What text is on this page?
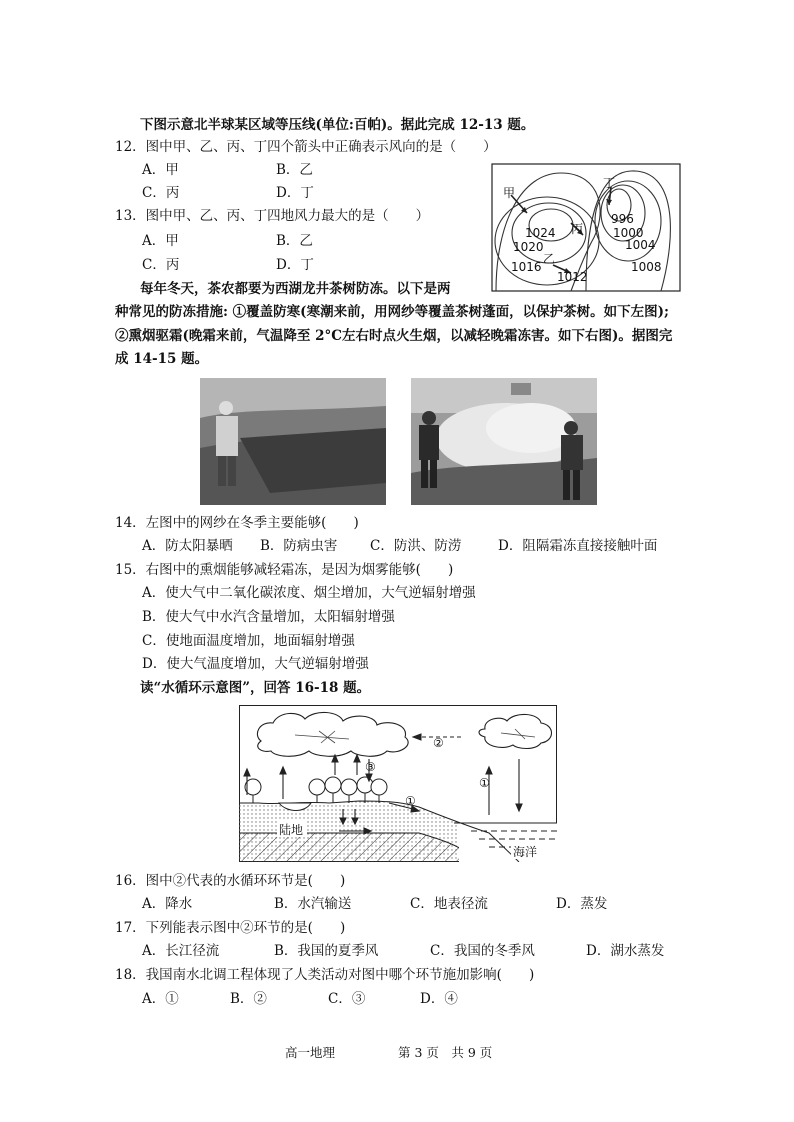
下图示意北半球某区域等压线(单位:百帕)。据此完成 12-13 题。
12．图中甲、乙、丙、丁四个箭头中正确表示风向的是（　　）
A．甲	B．乙
C．丙	D．丁
13．图中甲、乙、丙、丁四地风力最大的是（　　）
A．甲	B．乙
C．丙	D．丁
甲
乙
丙
丁
1024
1020
1016
1012
996
1000
1004
1008
每年冬天，茶农都要为西湖龙井茶树防冻。以下是两
种常见的防冻措施: ①覆盖防寒(寒潮来前，用网纱等覆盖茶树蓬面，以保护茶树。如下左图);
②熏烟驱霜(晚霜来前，气温降至 2°C左右时点火生烟，以减轻晚霜冻害。如下右图)。据图完
成 14-15 题。
14．左图中的网纱在冬季主要能够(　　)
A．防太阳暴晒 B．防病虫害 C．防洪、防涝	D．阻隔霜冻直接接触叶面
15．右图中的熏烟能够减轻霜冻，是因为烟雾能够(　　)
A．使大气中二氧化碳浓度、烟尘增加，大气逆辐射增强
B．使大气中水汽含量增加，太阳辐射增强
C．使地面温度增加，地面辐射增强
D．使大气温度增加，大气逆辐射增强
读“水循环示意图”，回答 16-18 题。
①
②
③
①
陆地
海洋
16．图中②代表的水循环环节是(　　)
A．降水	B．水汽输送	C．地表径流	D．蒸发
17．下列能表示图中②环节的是(　　)
A．长江径流	B．我国的夏季风	C．我国的冬季风	D．湖水蒸发
18．我国南水北调工程体现了人类活动对图中哪个环节施加影响(　　)
A．①	B．②	C．③	D．④
高一地理	第 3 页　共 9 页
